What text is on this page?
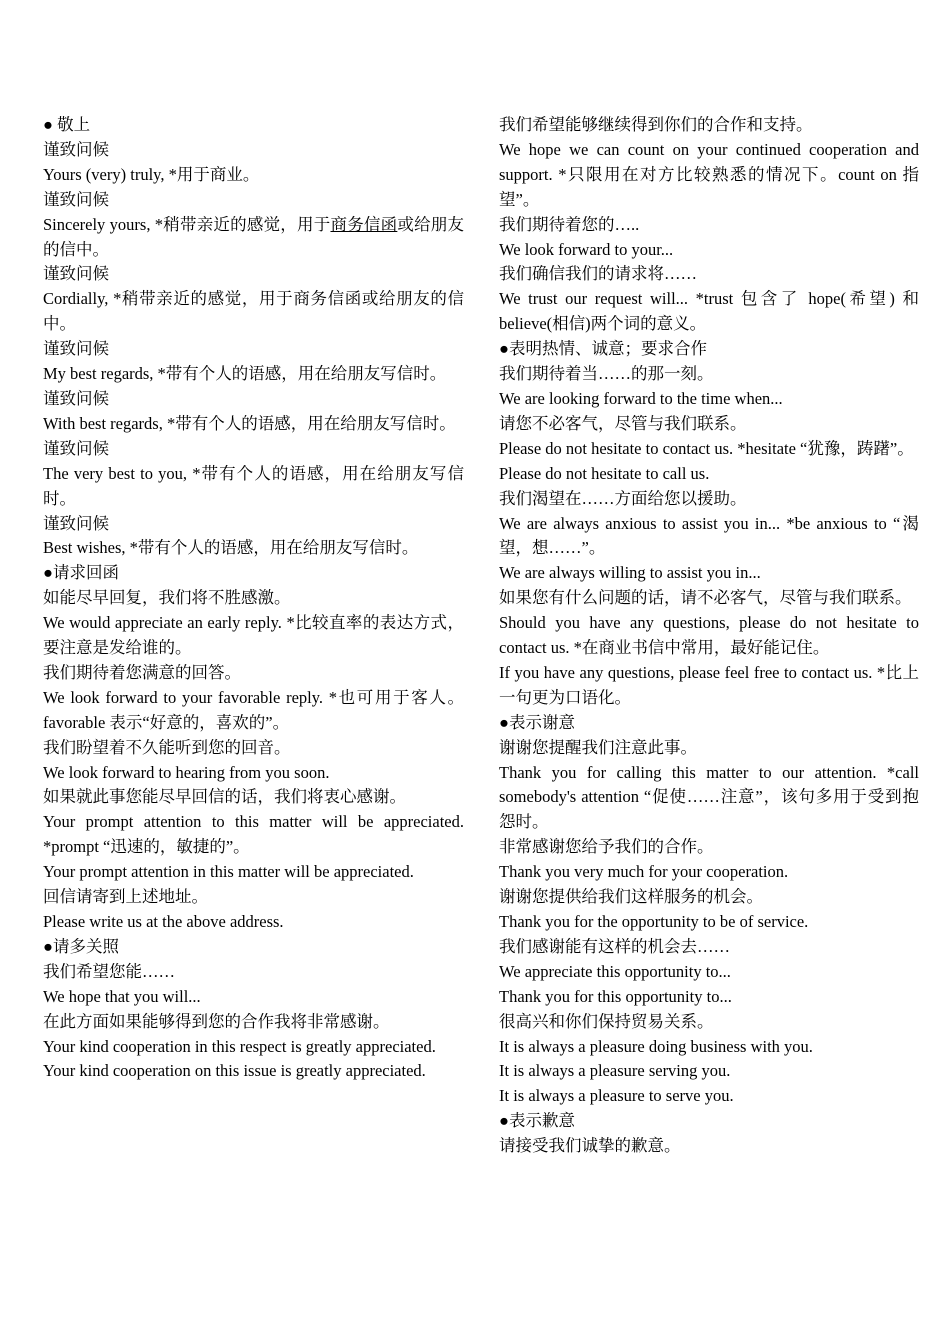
● 敬上
谨致问候
Yours (very) truly, *用于商业。
谨致问候
Sincerely yours, *稍带亲近的感觉，用于商务信函或给朋友的信中。
谨致问候
Cordially, *稍带亲近的感觉，用于商务信函或给朋友的信中。
谨致问候
My best regards, *带有个人的语感，用在给朋友写信时。
谨致问候
With best regards, *带有个人的语感，用在给朋友写信时。
谨致问候
The very best to you, *带有个人的语感，用在给朋友写信时。
谨致问候
Best wishes, *带有个人的语感，用在给朋友写信时。
●请求回函
如能尽早回复，我们将不胜感激。
We would appreciate an early reply. *比较直率的表达方式，要注意是发给谁的。
我们期待着您满意的回答。
We look forward to your favorable reply. *也可用于客人。favorable 表示“好意的，喜欢的”。
我们盼望着不久能听到您的回音。
We look forward to hearing from you soon.
如果就此事您能尽早回信的话，我们将衷心感谢。
Your prompt attention to this matter will be appreciated. *prompt “迅速的，敏捷的”。
Your prompt attention in this matter will be appreciated.
回信请寄到上述地址。
Please write us at the above address.
●请多关照
我们希望您能……
We hope that you will...
在此方面如果能够得到您的合作我将非常感谢。
Your kind cooperation in this respect is greatly appreciated.
Your kind cooperation on this issue is greatly appreciated.
我们希望能够继续得到你们的合作和支持。
We hope we can count on your continued cooperation and support. *只限用在对方比较熟悉的情况下。count on 指望”。
我们期待着您的…..
We look forward to your...
我们确信我们的请求将……
We trust our request will... *trust 包含了 hope(希望) 和 believe(相信)两个词的意义。
●表明热情、诚意；要求合作
我们期待着当……的那一刻。
We are looking forward to the time when...
请您不必客气，尽管与我们联系。
Please do not hesitate to contact us. *hesitate “犹豫，踌躇”。
Please do not hesitate to call us.
我们渴望在……方面给您以援助。
We are always anxious to assist you in... *be anxious to “渴望，想……”。
We are always willing to assist you in...
如果您有什么问题的话，请不必客气，尽管与我们联系。
Should you have any questions, please do not hesitate to contact us. *在商业书信中常用，最好能记住。
If you have any questions, please feel free to contact us. *比上一句更为口语化。
●表示谢意
谢谢您提醒我们注意此事。
Thank you for calling this matter to our attention. *call somebody's attention “促使……注意”，该句多用于受到抱怨时。
非常感谢您给予我们的合作。
Thank you very much for your cooperation.
谢谢您提供给我们这样服务的机会。
Thank you for the opportunity to be of service.
我们感谢能有这样的机会去……
We appreciate this opportunity to...
Thank you for this opportunity to...
很高兴和你们保持贸易关系。
It is always a pleasure doing business with you.
It is always a pleasure serving you.
It is always a pleasure to serve you.
●表示歉意
请接受我们诚挚的歉意。
